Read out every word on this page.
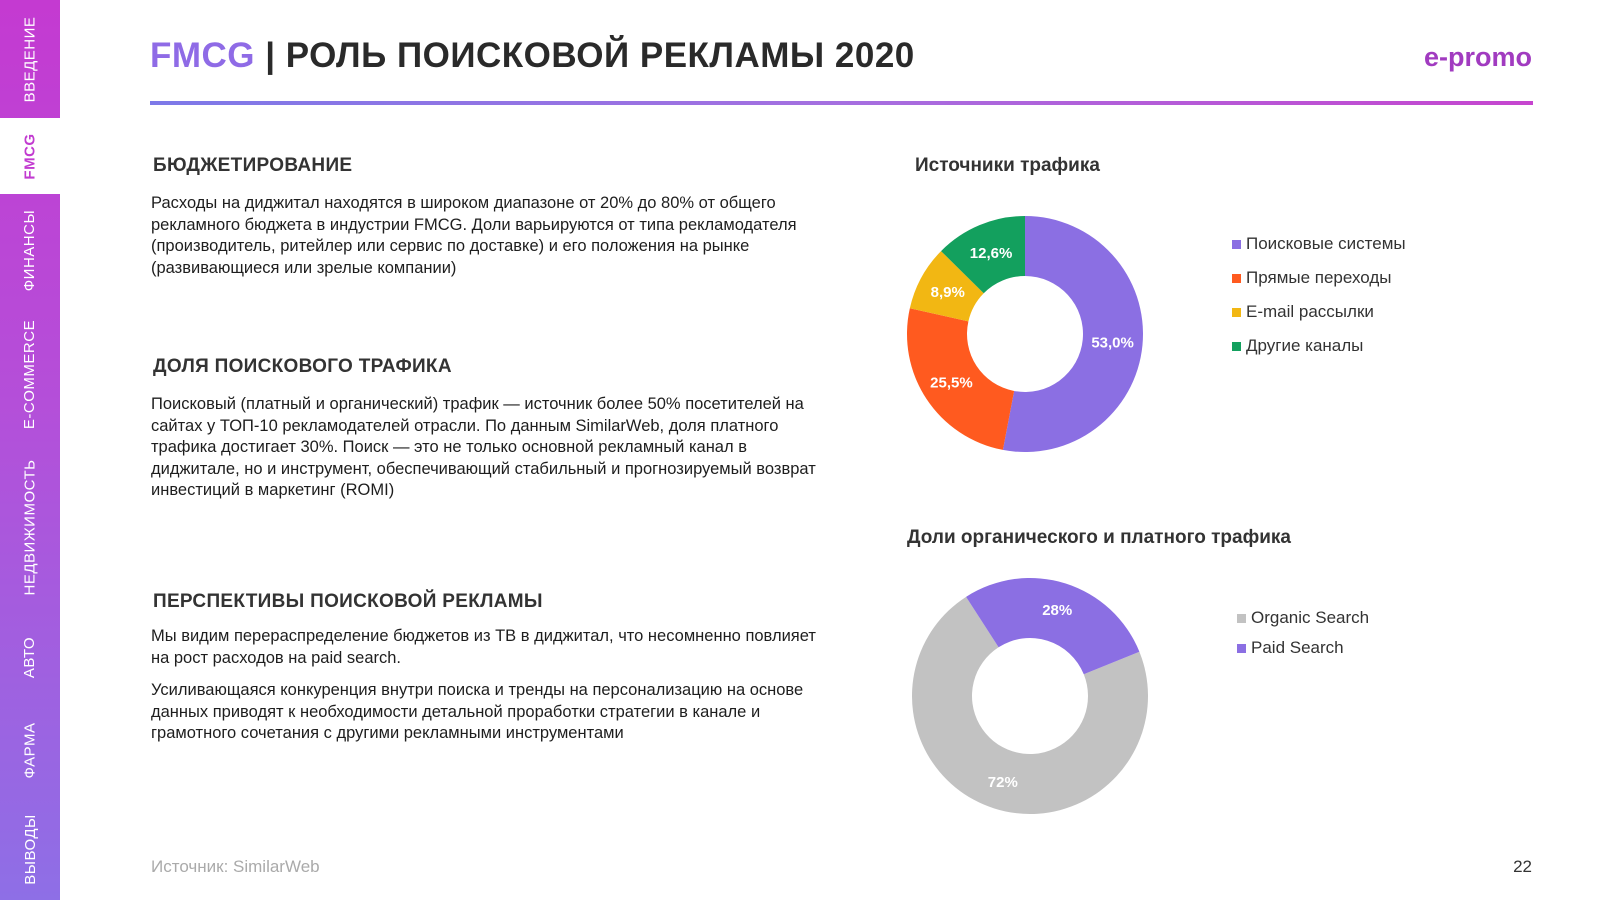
ВВЕДЕНИЕ
FMCG
ФИНАНСЫ
E-COMMERCE
НЕДВИЖИМОСТЬ
АВТО
ФАРМА
ВЫВОДЫ
FMCG | РОЛЬ ПОИСКОВОЙ РЕКЛАМЫ 2020	e-promo
БЮДЖЕТИРОВАНИЕ
Расходы на диджитал находятся в широком диапазоне от 20% до 80% от общего рекламного бюджета в индустрии FMCG. Доли варьируются от типа рекламодателя (производитель, ритейлер или сервис по доставке) и его положения на рынке (развивающиеся или зрелые компании)
ДОЛЯ ПОИСКОВОГО ТРАФИКА
Поисковый (платный и органический) трафик — источник более 50% посетителей на сайтах у ТОП-10 рекламодателей отрасли. По данным SimilarWeb, доля платного трафика достигает 30%. Поиск — это не только основной рекламный канал в диджитале, но и инструмент, обеспечивающий стабильный и прогнозируемый возврат инвестиций в маркетинг (ROMI)
ПЕРСПЕКТИВЫ ПОИСКОВОЙ РЕКЛАМЫ
Мы видим перераспределение бюджетов из ТВ в диджитал, что несомненно повлияет на рост расходов на paid search.
Усиливающаяся конкуренция внутри поиска и тренды на персонализацию на основе данных приводят к необходимости детальной проработки стратегии в канале и грамотного сочетания с другими рекламными инструментами
Источники трафика
53,0%
25,5%
8,9%
12,6%
Поисковые системы
Прямые переходы
E-mail рассылки
Другие каналы
Доли органического и платного трафика
72%
28%	Organic Search
Paid Search
Источник: SimilarWeb	22
